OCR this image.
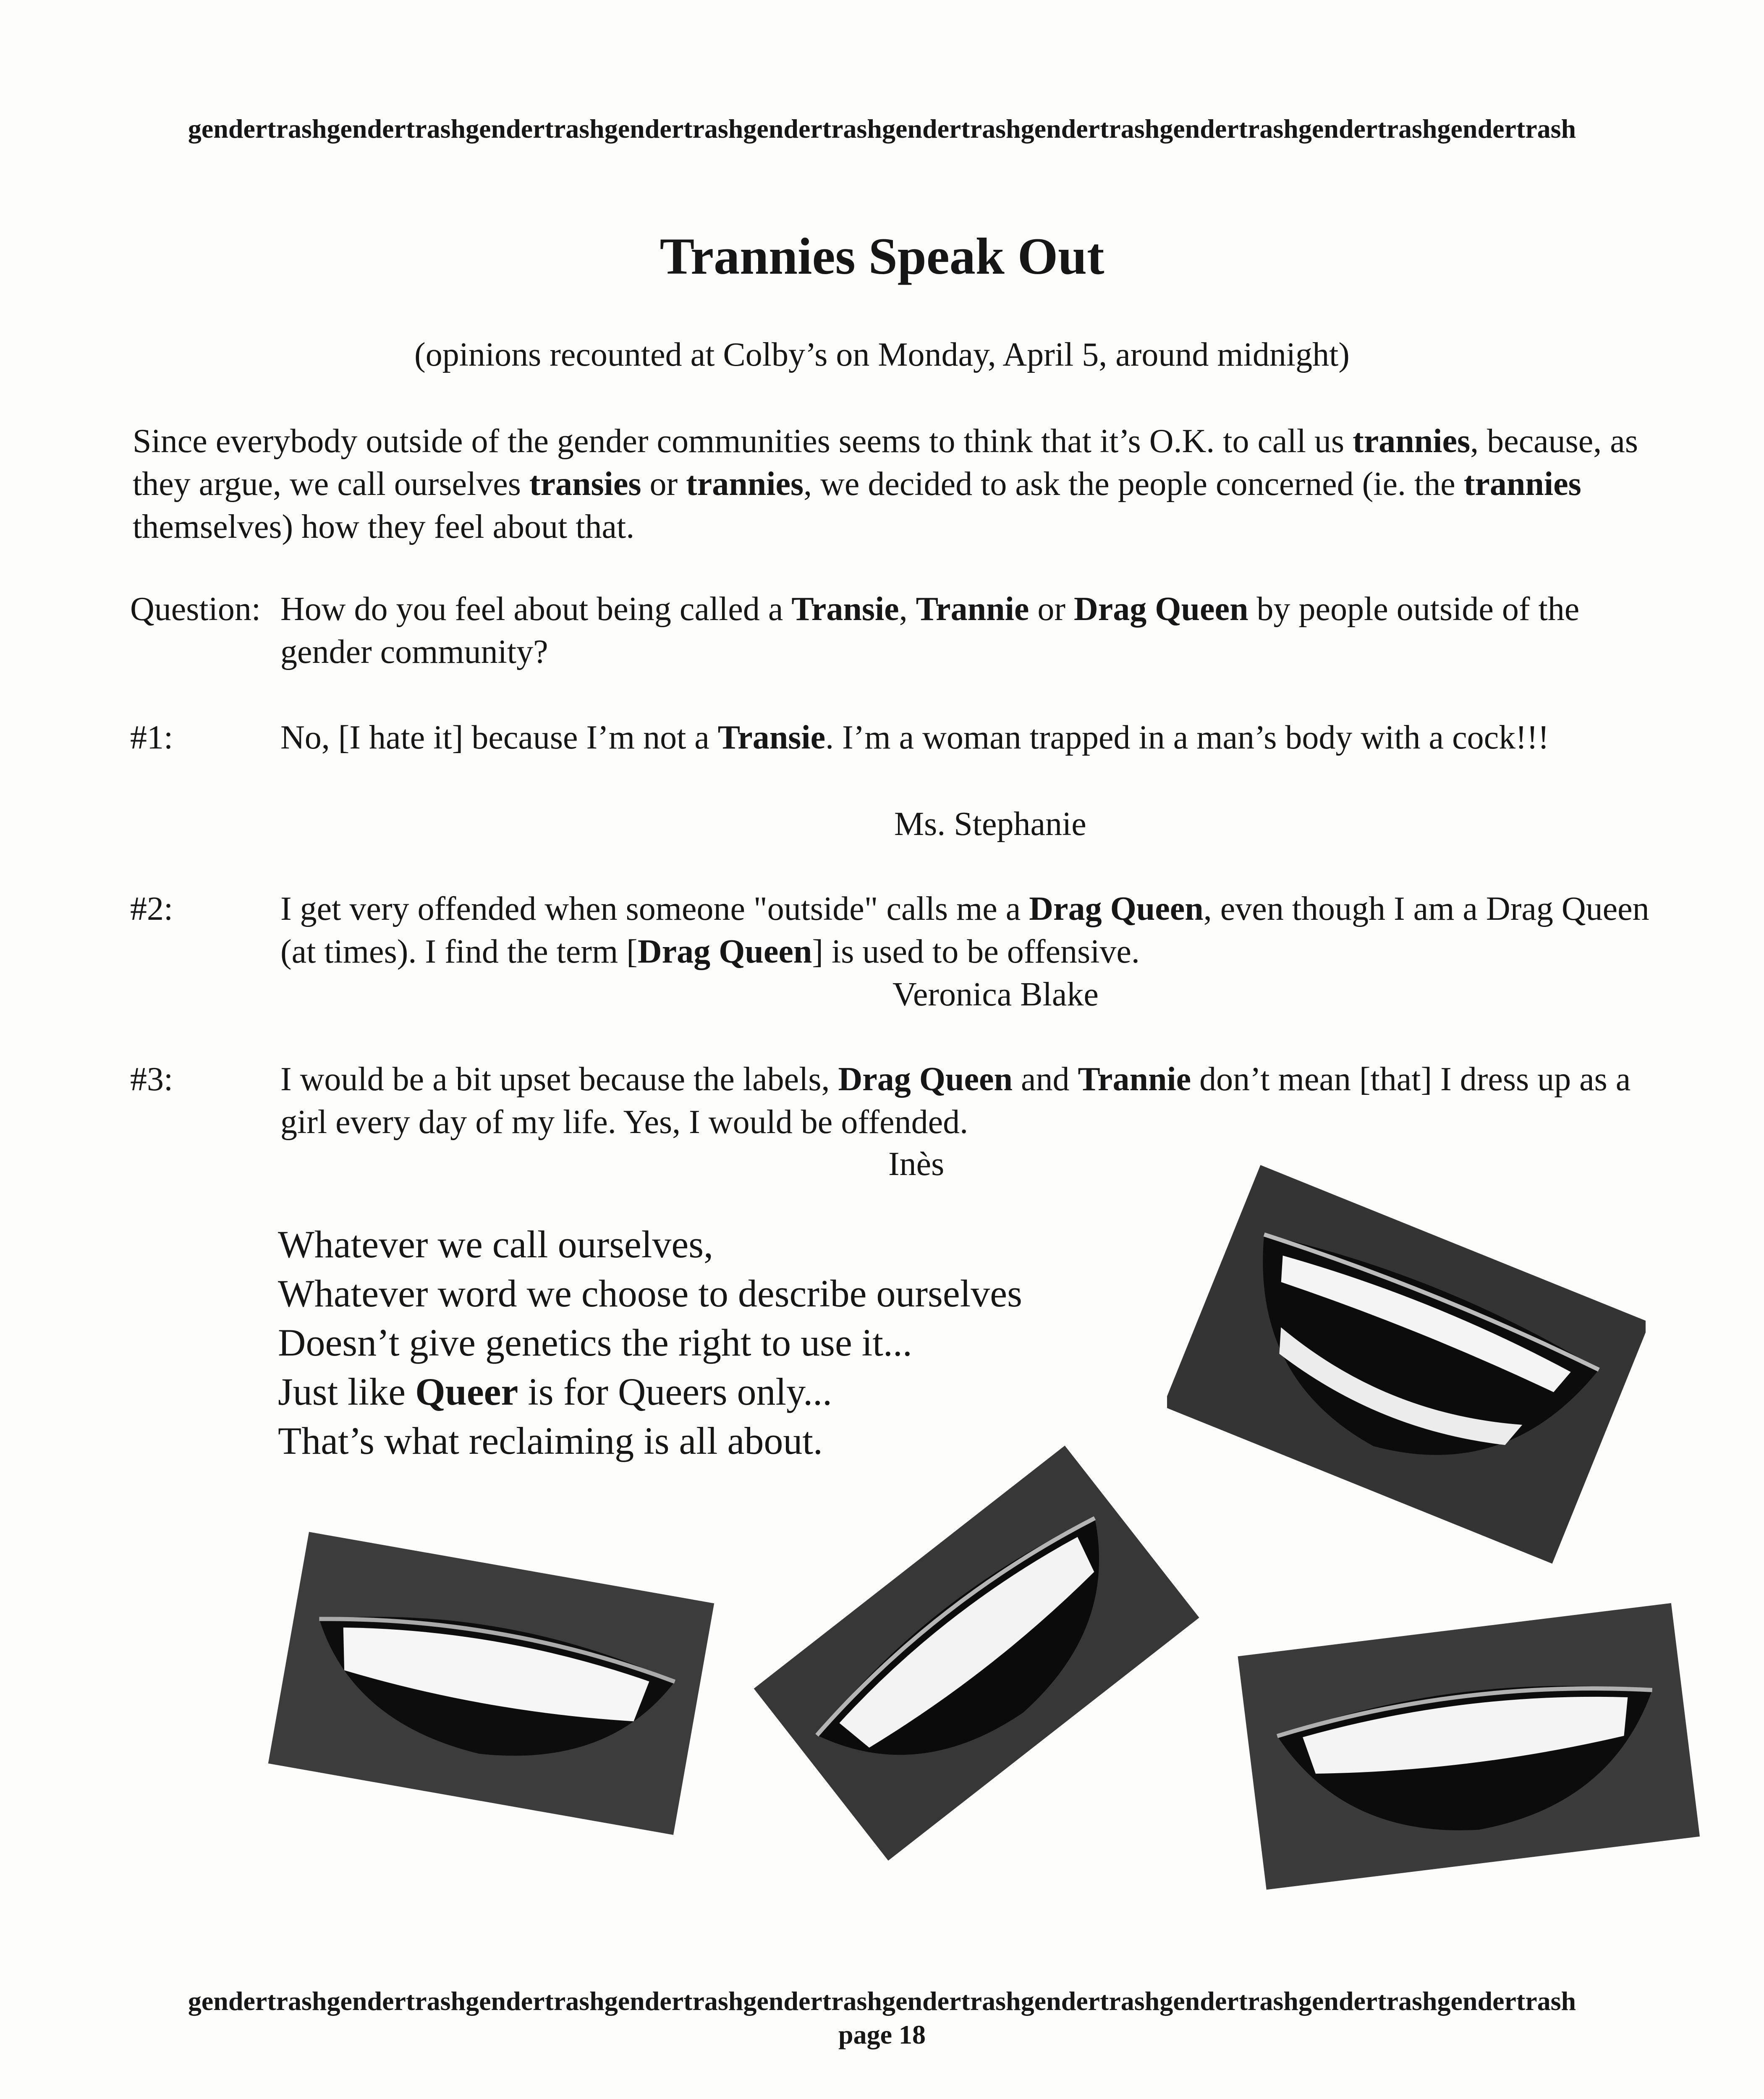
gendertrashgendertrashgendertrashgendertrashgendertrashgendertrashgendertrashgendertrashgendertrashgendertrash
Trannies Speak Out
(opinions recounted at Colby’s on Monday, April 5, around midnight)
Since everybody outside of the gender communities seems to think that it’s O.K. to call us trannies, because, as they argue, we call ourselves transies or trannies, we decided to ask the people concerned (ie. the trannies themselves) how they feel about that.
Question: How do you feel about being called a Transie, Trannie or Drag Queen by people outside of the gender community?
#1:	No, [I hate it] because I’m not a Transie. I’m a woman trapped in a man’s body with a cock!!!
Ms. Stephanie
#2:	I get very offended when someone "outside" calls me a Drag Queen, even though I am a Drag Queen (at times). I find the term [Drag Queen] is used to be offensive.
Veronica Blake
#3:	I would be a bit upset because the labels, Drag Queen and Trannie don’t mean [that] I dress up as a girl every day of my life. Yes, I would be offended.
Inès
Whatever we call ourselves,
Whatever word we choose to describe ourselves
Doesn’t give genetics the right to use it...
Just like Queer is for Queers only...
That’s what reclaiming is all about.
gendertrashgendertrashgendertrashgendertrashgendertrashgendertrashgendertrashgendertrashgendertrashgendertrash
page 18
